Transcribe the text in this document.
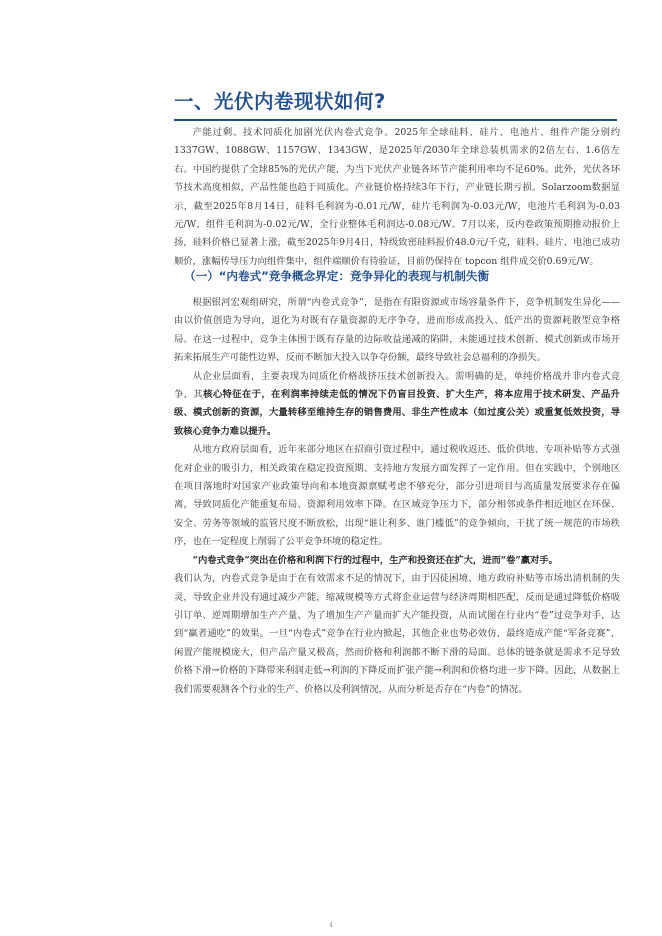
一、光伏内卷现状如何?

产能过剩、技术同质化加剧光伏内卷式竞争。2025年全球硅料、硅片、电池片、组件产能分别约1337GW、1088GW、1157GW、1343GW，是2025年/2030年全球总装机需求的2倍左右、1.6倍左右。中国约提供了全球85%的光伏产能，为当下光伏产业链各环节产能利用率均不足60%。此外，光伏各环节技术高度相似，产品性能也趋于同质化。产业链价格持续3年下行，产业链长期亏损。Solarzoom数据显示，截至2025年8月14日，硅料毛利润为-0.01元/W，硅片毛利润为-0.03元/W，电池片毛利润为-0.03元/W，组件毛利润为-0.02元/W，全行业整体毛利润达-0.08元/W。7月以来，反内卷政策预期推动报价上扬，硅料价格已显著上涨，截至2025年9月4日，特级致密硅料报价48.0元/千克，硅料、硅片、电池已成功顺价，涨幅传导压力向组件集中，组件端顺价有待验证，目前仍保持在 topcon 组件成交价0.69元/W。

（一）“内卷式”竞争概念界定：竞争异化的表现与机制失衡

根据银河宏观组研究，所谓“内卷式竞争”，是指在有限资源或市场容量条件下，竞争机制发生异化——由以价值创造为导向，退化为对既有存量资源的无序争夺，进而形成高投入、低产出的资源耗散型竞争格局。在这一过程中，竞争主体围于既有存量的边际收益递减的陷阱，未能通过技术创新、模式创新或市场开拓来拓展生产可能性边界，反而不断加大投入以争夺份额，最终导致社会总福利的净损失。

从企业层面看，主要表现为同质化价格战挤压技术创新投入。需明确的是，单纯价格战并非内卷式竞争，其核心特征在于，在利润率持续走低的情况下仍盲目投资、扩大生产，将本应用于技术研发、产品升级、模式创新的资源，大量转移至维持生存的销售费用、非生产性成本（如过度公关）或重复低效投资，导致核心竞争力难以提升。

从地方政府层面看，近年来部分地区在招商引资过程中，通过税收返还、低价供地、专项补贴等方式强化对企业的吸引力，相关政策在稳定投资预期、支持地方发展方面发挥了一定作用。但在实践中，个别地区在项目落地时对国家产业政策导向和本地资源禀赋考虑不够充分，部分引进项目与高质量发展要求存在偏离，导致同质化产能重复布局、资源利用效率下降。在区域竞争压力下，部分相邻或条件相近地区在环保、安全、劳务等领域的监管尺度不断放松，出现“谁让利多、谁门槛低”的竞争倾向，干扰了统一规范的市场秩序，也在一定程度上削弱了公平竞争环境的稳定性。

“内卷式竞争”突出在价格和利润下行的过程中，生产和投资还在扩大，进而“卷”赢对手。

我们认为，内卷式竞争是由于在有效需求不足的情况下，由于囚徒困境、地方政府补贴等市场出清机制的失灵，导致企业并没有通过减少产能，缩减规模等方式将企业运营与经济周期相匹配，反而是通过降低价格吸引订单、逆周期增加生产产量、为了增加生产产量而扩大产能投资，从而试图在行业内“卷”过竞争对手，达到“赢者通吃”的效果。一旦“内卷式”竞争在行业内掀起，其他企业也势必效仿，最终造成产能“军备竞赛”，闲置产能规模庞大，但产品产量又极高，然而价格和利润都不断下滑的局面。总体的链条就是需求不足导致价格下滑→价格的下降带来利润走低→利润的下降反而扩张产能→利润和价格均进一步下降。因此，从数据上我们需要观测各个行业的生产、价格以及利润情况，从而分析是否存在“内卷”的情况。

4
